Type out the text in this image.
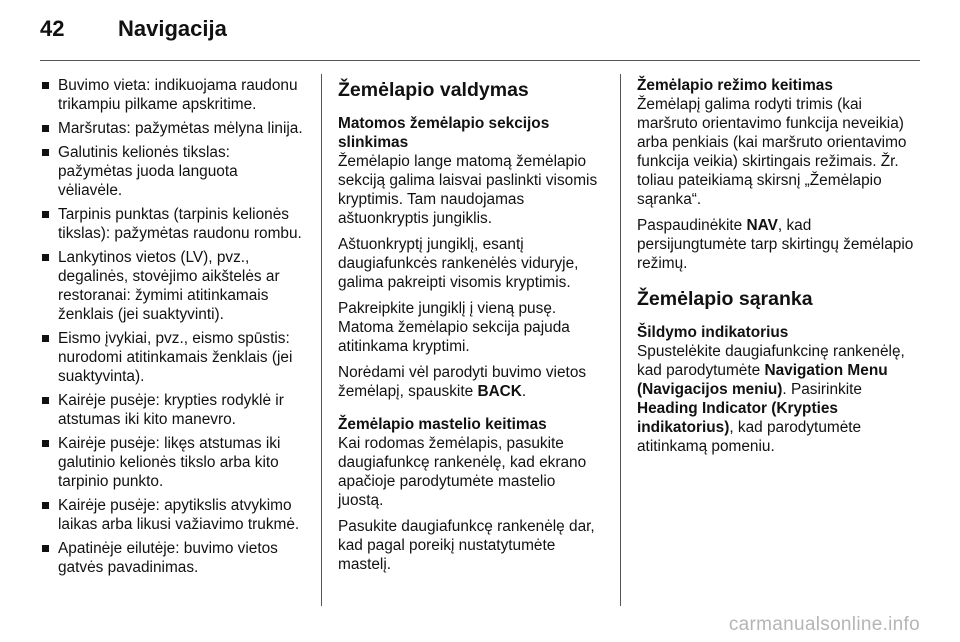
42 Navigacija
Buvimo vieta: indikuojama raudonu trikampiu pilkame apskritime.
Maršrutas: pažymėtas mėlyna linija.
Galutinis kelionės tikslas: pažymėtas juoda languota vėliavėle.
Tarpinis punktas (tarpinis kelionės tikslas): pažymėtas raudonu rombu.
Lankytinos vietos (LV), pvz., degalinės, stovėjimo aikštelės ar restoranai: žymimi atitinkamais ženklais (jei suaktyvinti).
Eismo įvykiai, pvz., eismo spūstis: nurodomi atitinkamais ženklais (jei suaktyvinta).
Kairėje pusėje: krypties rodyklė ir atstumas iki kito manevro.
Kairėje pusėje: likęs atstumas iki galutinio kelionės tikslo arba kito tarpinio punkto.
Kairėje pusėje: apytikslis atvykimo laikas arba likusi važiavimo trukmė.
Apatinėje eilutėje: buvimo vietos gatvės pavadinimas.
Žemėlapio valdymas
Matomos žemėlapio sekcijos slinkimas

Žemėlapio lange matomą žemėlapio sekciją galima laisvai paslinkti visomis kryptimis. Tam naudojamas aštuonkryptis jungiklis.

Aštuonkryptį jungiklį, esantį daugiafunkcės rankenėlės viduryje, galima pakreipti visomis kryptimis.

Pakreipkite jungiklį į vieną pusę. Matoma žemėlapio sekcija pajuda atitinkama kryptimi.

Norėdami vėl parodyti buvimo vietos žemėlapį, spauskite BACK.

Žemėlapio mastelio keitimas

Kai rodomas žemėlapis, pasukite daugiafunkcę rankenėlę, kad ekrano apačioje parodytumėte mastelio juostą.

Pasukite daugiafunkcę rankenėlę dar, kad pagal poreikį nustatytumėte mastelį.

Žemėlapio režimo keitimas

Žemėlapį galima rodyti trimis (kai maršruto orientavimo funkcija neveikia) arba penkiais (kai maršruto orientavimo funkcija veikia) skirtingais režimais. Žr. toliau pateikiamą skirsnį „Žemėlapio sąranka“.

Paspaudinėkite NAV, kad persijungtumėte tarp skirtingų žemėlapio režimų.

Žemėlapio sąranka
Šildymo indikatorius

Spustelėkite daugiafunkcinę rankenėlę, kad parodytumėte Navigation Menu (Navigacijos meniu). Pasirinkite Heading Indicator (Krypties indikatorius), kad parodytumėte atitinkamą pomeniu.

carmanualsonline.info
